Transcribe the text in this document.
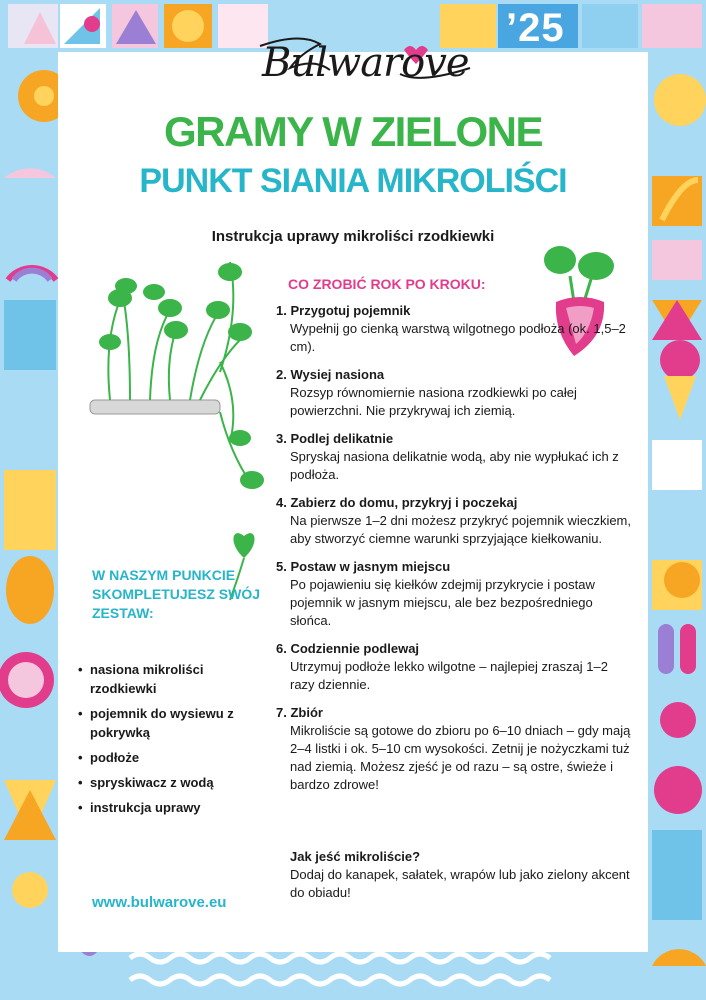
’25
Bulwarove
GRAMY W ZIELONE
PUNKT SIANIA MIKROLIŚCI
Instrukcja uprawy mikroliści rzodkiewki
CO ZROBIĆ ROK PO KROKU:
1. Przygotuj pojemnik
Wypełnij go cienką warstwą wilgotnego podłoża (ok. 1,5–2 cm).
2. Wysiej nasiona
Rozsyp równomiernie nasiona rzodkiewki po całej powierzchni. Nie przykrywaj ich ziemią.
3. Podlej delikatnie
Spryskaj nasiona delikatnie wodą, aby nie wypłukać ich z podłoża.
4. Zabierz do domu, przykryj i poczekaj
Na pierwsze 1–2 dni możesz przykryć pojemnik wieczkiem, aby stworzyć ciemne warunki sprzyjające kiełkowaniu.
5. Postaw w jasnym miejscu
Po pojawieniu się kiełków zdejmij przykrycie i postaw pojemnik w jasnym miejscu, ale bez bezpośredniego słońca.
6. Codziennie podlewaj
Utrzymuj podłoże lekko wilgotne – najlepiej zraszaj 1–2 razy dziennie.
7. Zbiór
Mikroliście są gotowe do zbioru po 6–10 dniach – gdy mają 2–4 listki i ok. 5–10 cm wysokości. Zetnij je nożyczkami tuż nad ziemią. Możesz zjeść je od razu – są ostre, świeże i bardzo zdrowe!
Jak jeść mikroliście?
Dodaj do kanapek, sałatek, wrapów lub jako zielony akcent do obiadu!
W NASZYM PUNKCIE SKOMPLETUJESZ SWÓJ ZESTAW:
• nasiona mikroliści rzodkiewki
• pojemnik do wysiewu z pokrywką
• podłoże
• spryskiwacz z wodą
• instrukcja uprawy
www.bulwarove.eu
